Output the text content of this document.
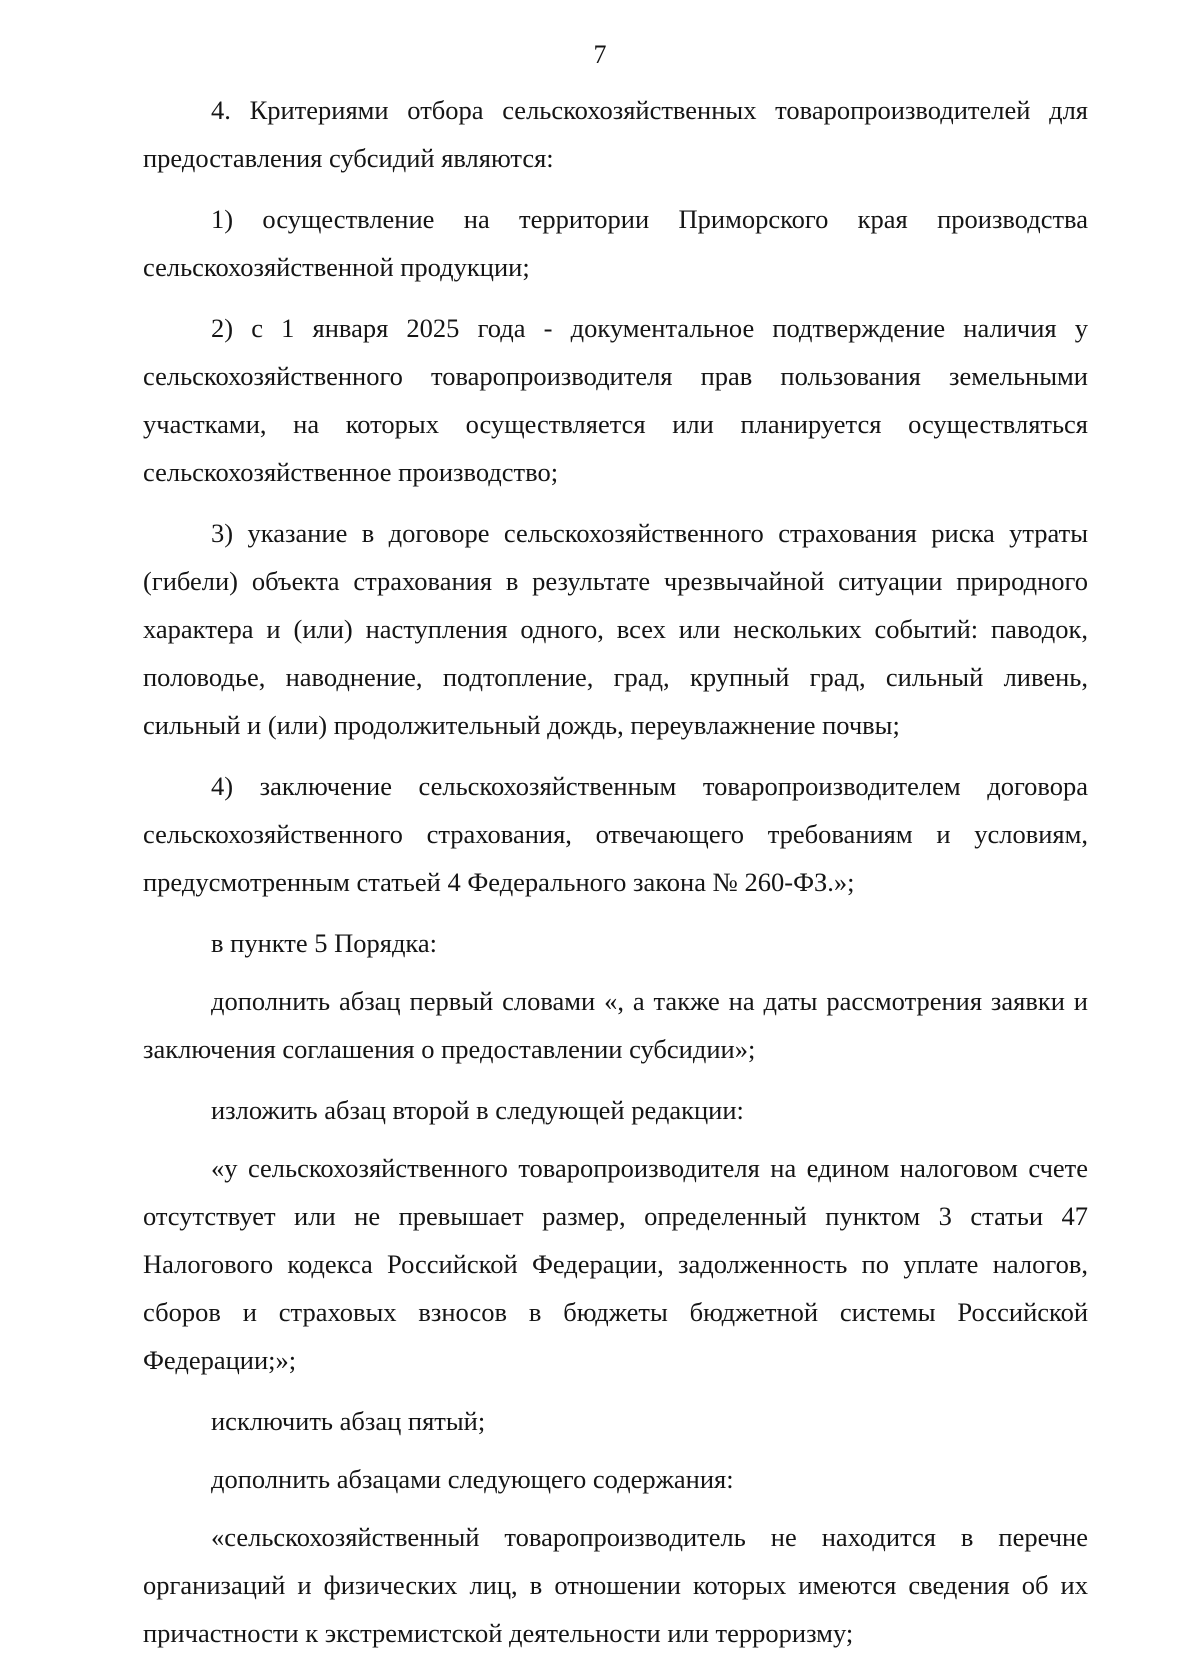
7

4. Критериями отбора сельскохозяйственных товаропроизводителей для предоставления субсидий являются:

1) осуществление на территории Приморского края производства сельскохозяйственной продукции;

2) с 1 января 2025 года - документальное подтверждение наличия у сельскохозяйственного товаропроизводителя прав пользования земельными участками, на которых осуществляется или планируется осуществляться сельскохозяйственное производство;

3) указание в договоре сельскохозяйственного страхования риска утраты (гибели) объекта страхования в результате чрезвычайной ситуации природного характера и (или) наступления одного, всех или нескольких событий: паводок, половодье, наводнение, подтопление, град, крупный град, сильный ливень, сильный и (или) продолжительный дождь, переувлажнение почвы;

4) заключение сельскохозяйственным товаропроизводителем договора сельскохозяйственного страхования, отвечающего требованиям и условиям, предусмотренным статьей 4 Федерального закона № 260-ФЗ.»;

в пункте 5 Порядка:

дополнить абзац первый словами «, а также на даты рассмотрения заявки и заключения соглашения о предоставлении субсидии»;

изложить абзац второй в следующей редакции:

«у сельскохозяйственного товаропроизводителя на едином налоговом счете отсутствует или не превышает размер, определенный пунктом 3 статьи 47 Налогового кодекса Российской Федерации, задолженность по уплате налогов, сборов и страховых взносов в бюджеты бюджетной системы Российской Федерации;»;

исключить абзац пятый;

дополнить абзацами следующего содержания:

«сельскохозяйственный товаропроизводитель не находится в перечне организаций и физических лиц, в отношении которых имеются сведения об их причастности к экстремистской деятельности или терроризму;
